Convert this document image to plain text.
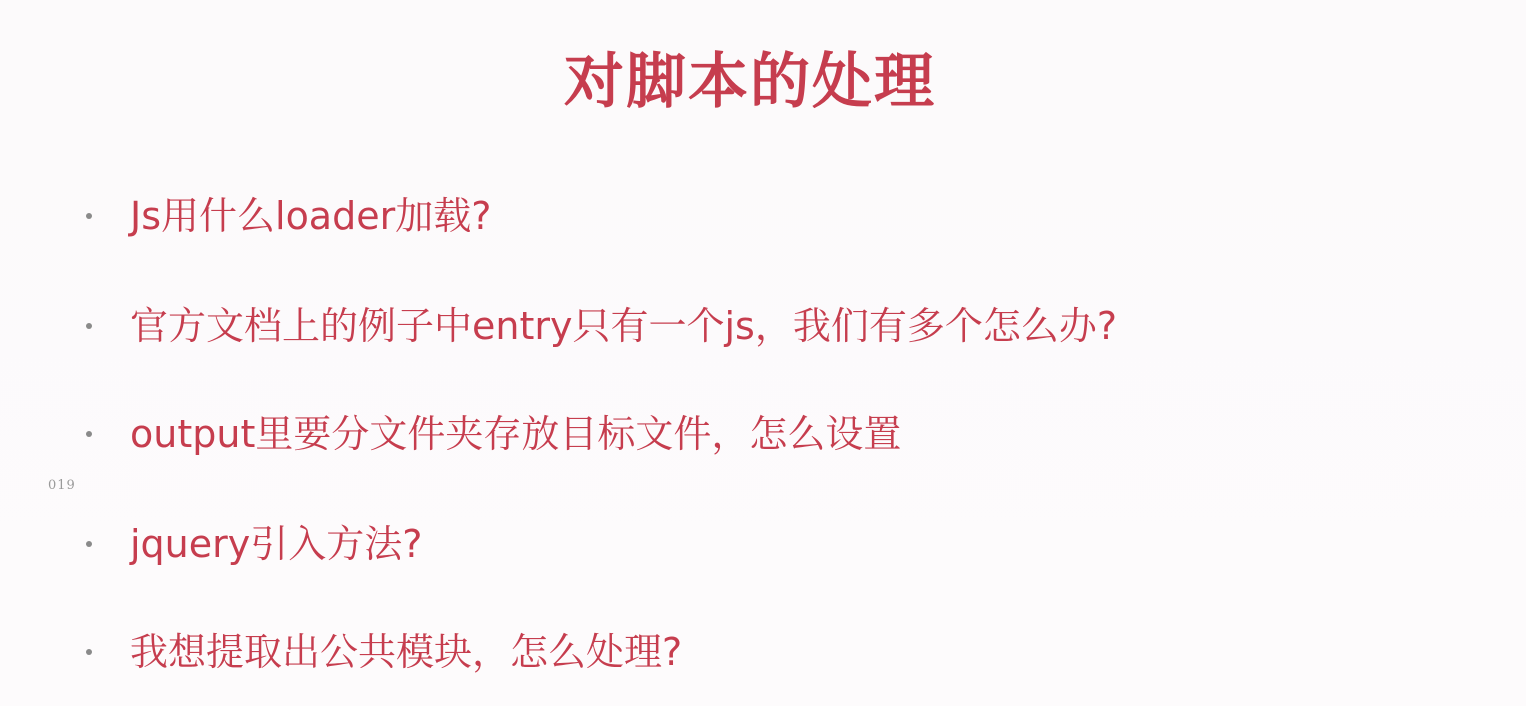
对脚本的处理
Js用什么loader加载?
官方文档上的例子中entry只有一个js，我们有多个怎么办?
output里要分文件夹存放目标文件，怎么设置
jquery引入方法?
我想提取出公共模块，怎么处理?
019
